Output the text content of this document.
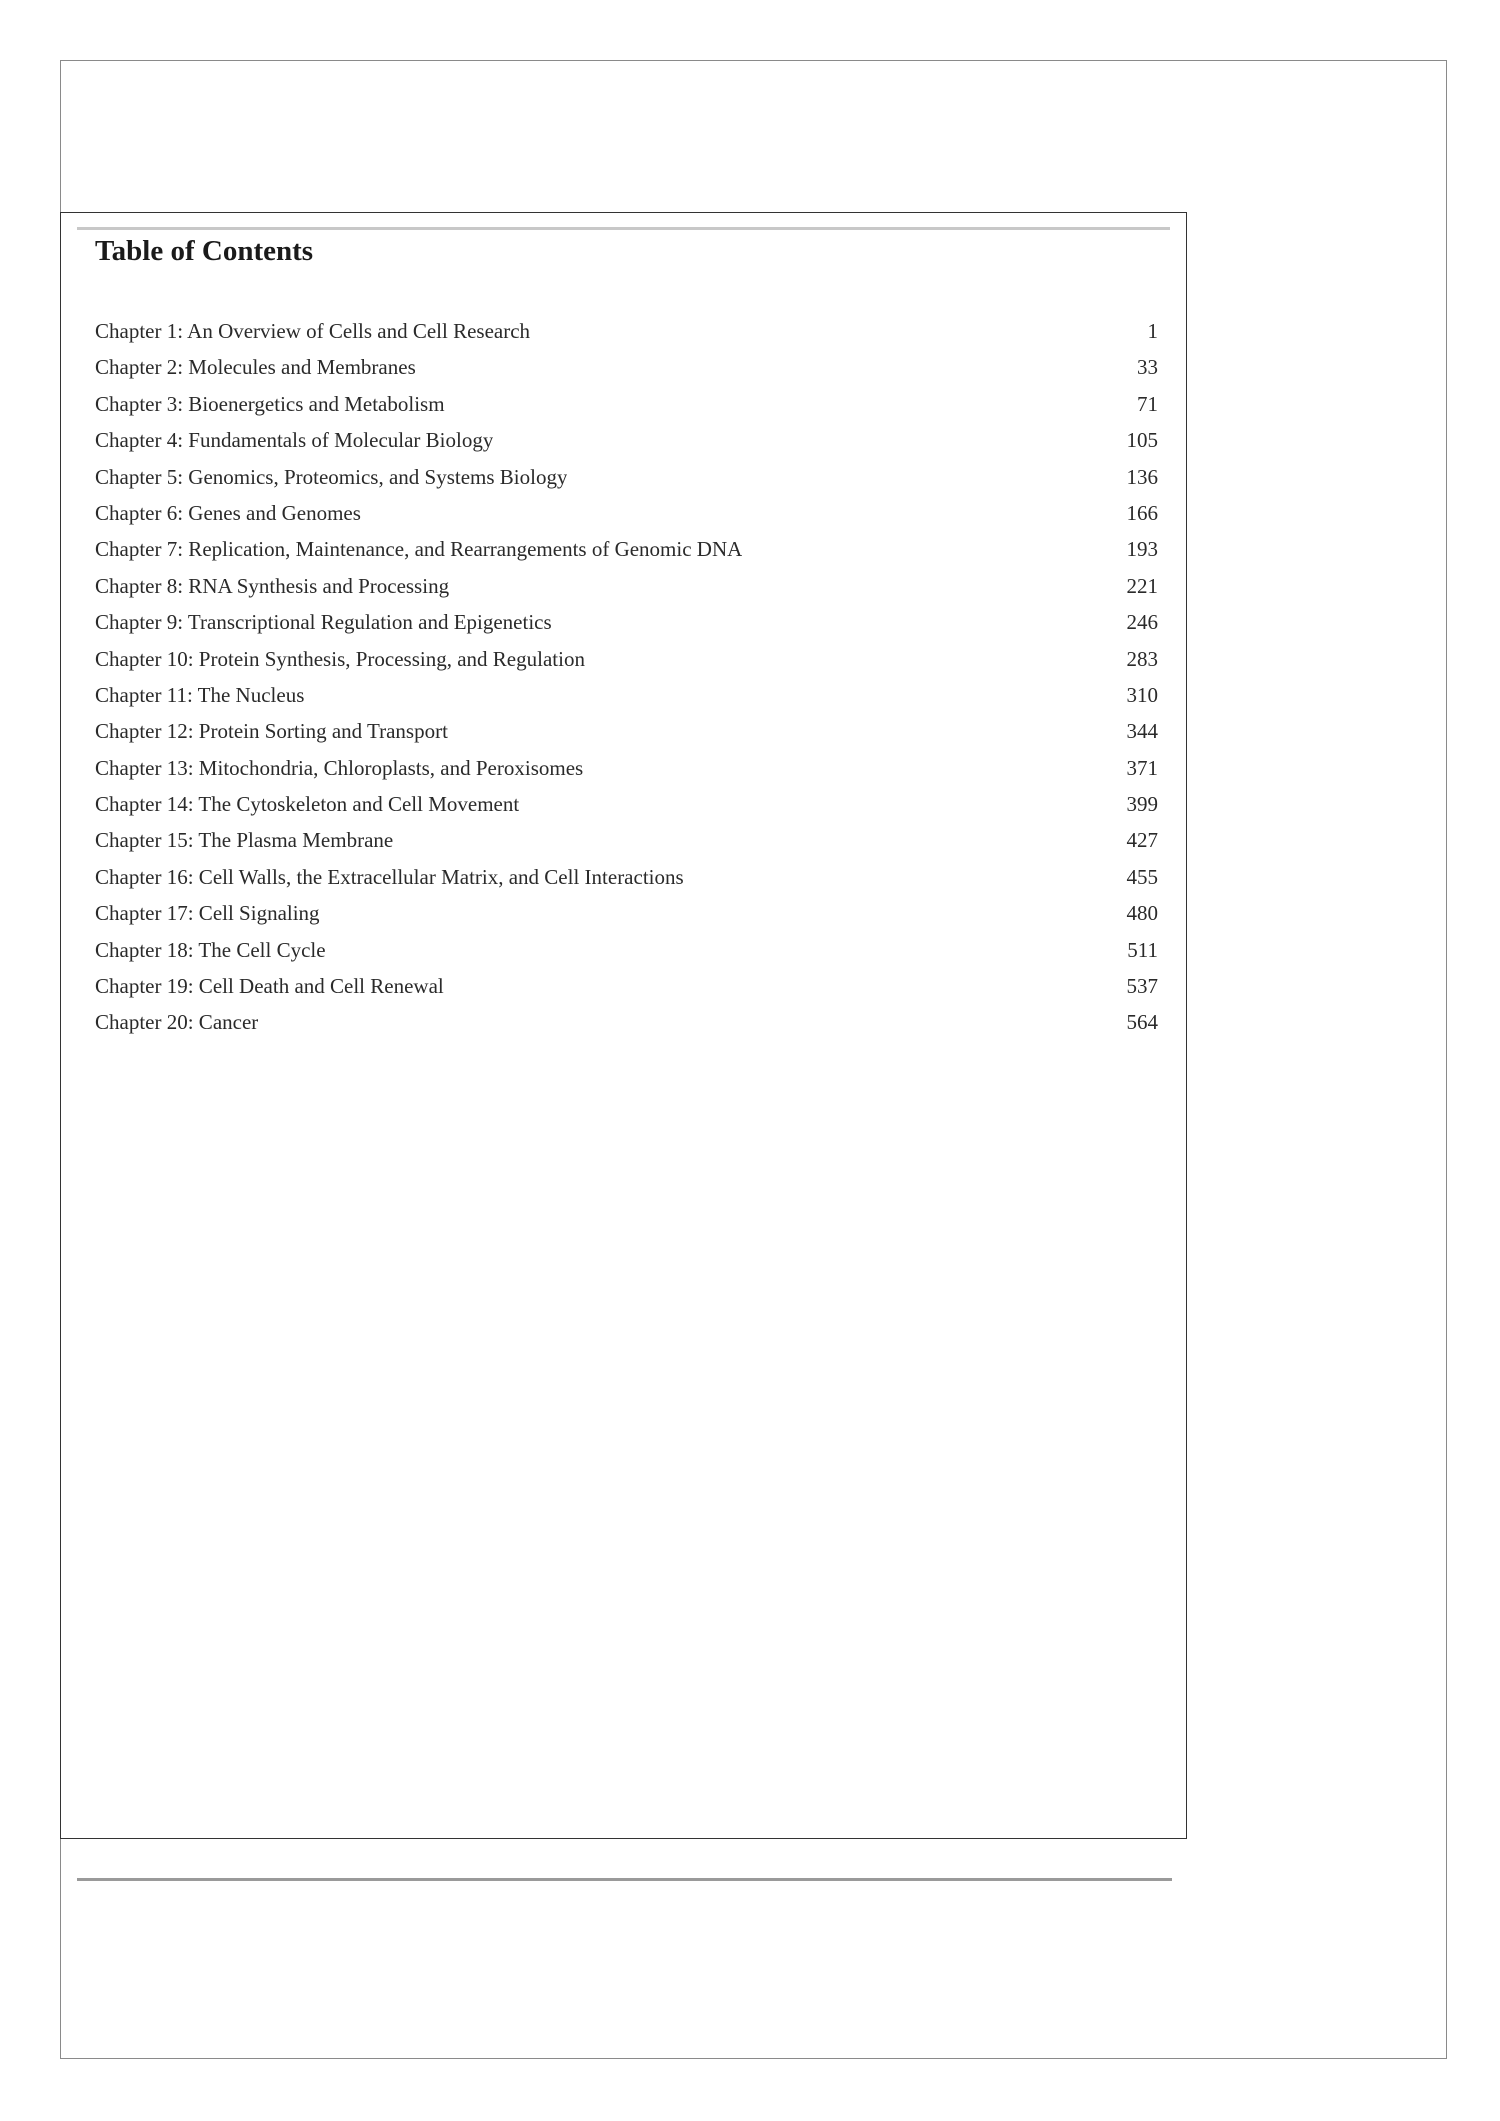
Table of Contents
Chapter 1: An Overview of Cells and Cell Research	1
Chapter 2: Molecules and Membranes	33
Chapter 3: Bioenergetics and Metabolism	71
Chapter 4: Fundamentals of Molecular Biology	105
Chapter 5: Genomics, Proteomics, and Systems Biology	136
Chapter 6: Genes and Genomes	166
Chapter 7: Replication, Maintenance, and Rearrangements of Genomic DNA	193
Chapter 8: RNA Synthesis and Processing	221
Chapter 9: Transcriptional Regulation and Epigenetics	246
Chapter 10: Protein Synthesis, Processing, and Regulation	283
Chapter 11: The Nucleus	310
Chapter 12: Protein Sorting and Transport	344
Chapter 13: Mitochondria, Chloroplasts, and Peroxisomes	371
Chapter 14: The Cytoskeleton and Cell Movement	399
Chapter 15: The Plasma Membrane	427
Chapter 16: Cell Walls, the Extracellular Matrix, and Cell Interactions	455
Chapter 17: Cell Signaling	480
Chapter 18: The Cell Cycle	511
Chapter 19: Cell Death and Cell Renewal	537
Chapter 20: Cancer	564
